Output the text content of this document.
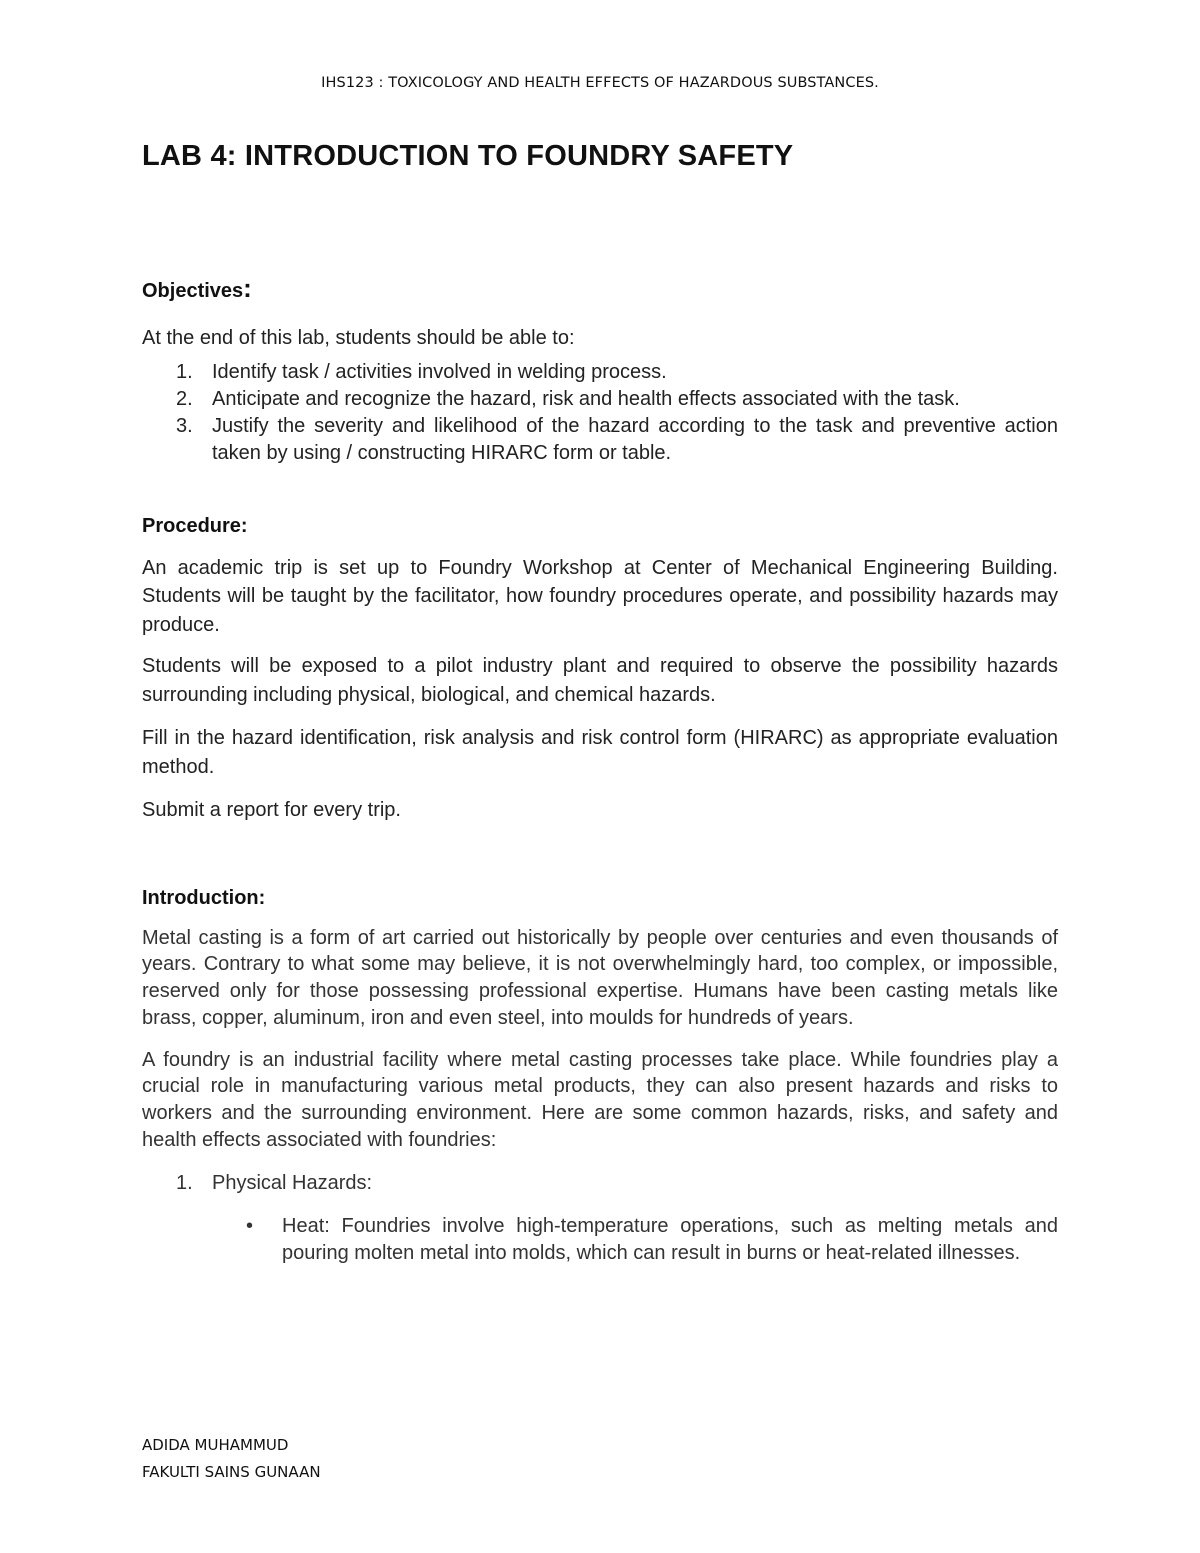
IHS123 : TOXICOLOGY AND HEALTH EFFECTS OF HAZARDOUS SUBSTANCES.
LAB 4: INTRODUCTION TO FOUNDRY SAFETY
Objectives:

At the end of this lab, students should be able to:

1. Identify task / activities involved in welding process.
2. Anticipate and recognize the hazard, risk and health effects associated with the task.
3. Justify the severity and likelihood of the hazard according to the task and preventive action taken by using / constructing HIRARC form or table.
Procedure:

An academic trip is set up to Foundry Workshop at Center of Mechanical Engineering Building. Students will be taught by the facilitator, how foundry procedures operate, and possibility hazards may produce.

Students will be exposed to a pilot industry plant and required to observe the possibility hazards surrounding including physical, biological, and chemical hazards.

Fill in the hazard identification, risk analysis and risk control form (HIRARC) as appropriate evaluation method.

Submit a report for every trip.

Introduction:

Metal casting is a form of art carried out historically by people over centuries and even thousands of years. Contrary to what some may believe, it is not overwhelmingly hard, too complex, or impossible, reserved only for those possessing professional expertise. Humans have been casting metals like brass, copper, aluminum, iron and even steel, into moulds for hundreds of years.

A foundry is an industrial facility where metal casting processes take place. While foundries play a crucial role in manufacturing various metal products, they can also present hazards and risks to workers and the surrounding environment. Here are some common hazards, risks, and safety and health effects associated with foundries:

1. Physical Hazards:
• Heat: Foundries involve high-temperature operations, such as melting metals and pouring molten metal into molds, which can result in burns or heat-related illnesses.
ADIDA MUHAMMUD
FAKULTI SAINS GUNAAN
